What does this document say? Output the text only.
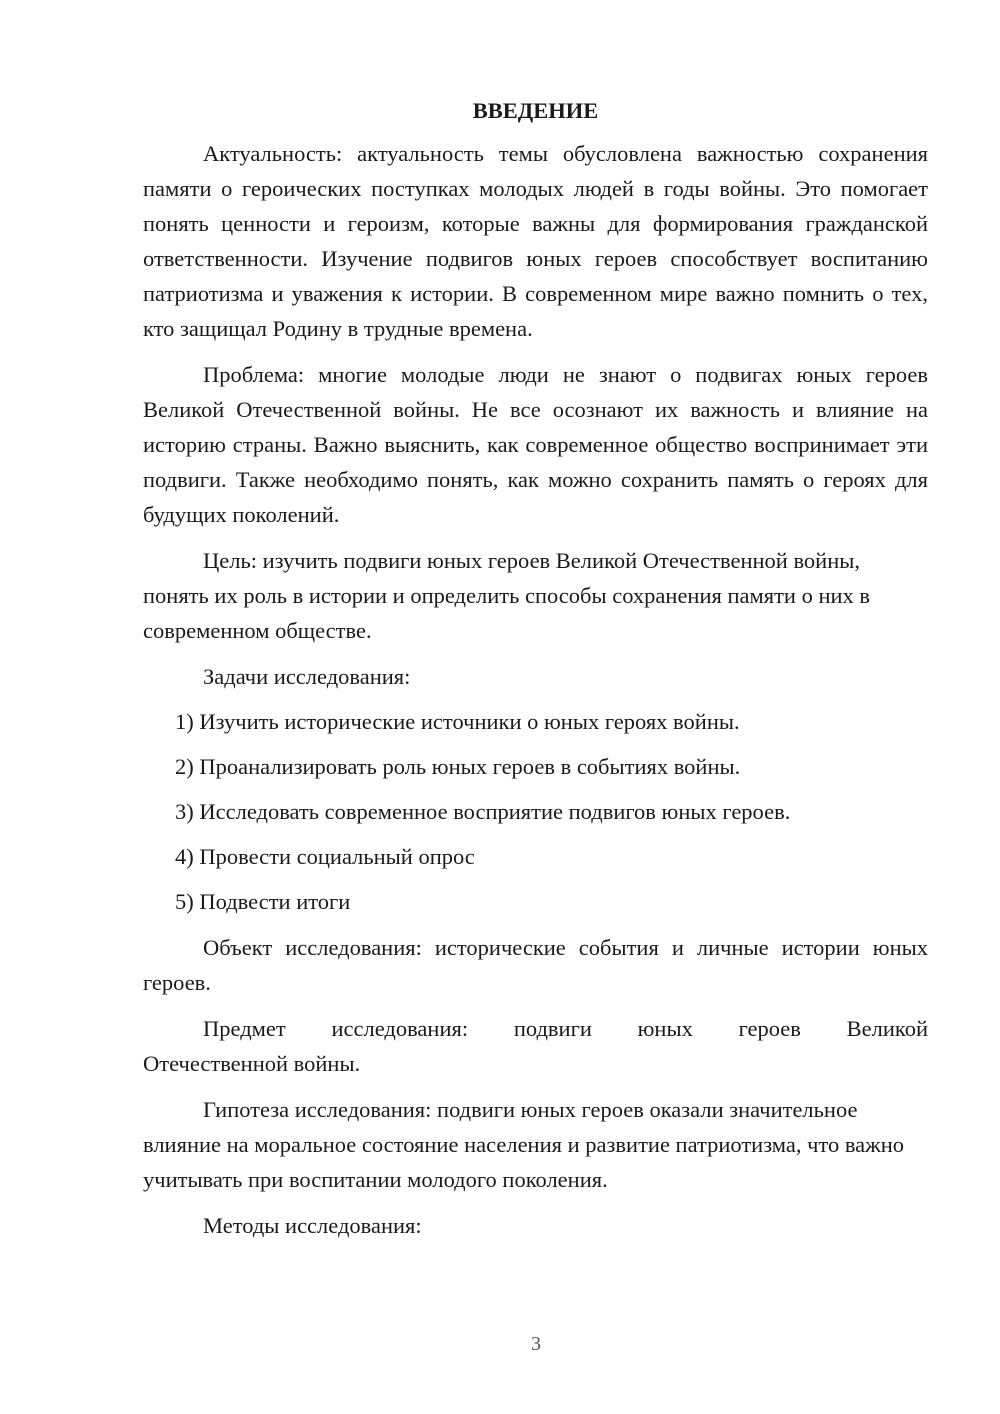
ВВЕДЕНИЕ

Актуальность: актуальность темы обусловлена важностью сохранения памяти о героических поступках молодых людей в годы войны. Это помогает понять ценности и героизм, которые важны для формирования гражданской ответственности. Изучение подвигов юных героев способствует воспитанию патриотизма и уважения к истории. В современном мире важно помнить о тех, кто защищал Родину в трудные времена.

Проблема: многие молодые люди не знают о подвигах юных героев Великой Отечественной войны. Не все осознают их важность и влияние на историю страны. Важно выяснить, как современное общество воспринимает эти подвиги. Также необходимо понять, как можно сохранить память о героях для будущих поколений.

Цель: изучить подвиги юных героев Великой Отечественной войны, понять их роль в истории и определить способы сохранения памяти о них в современном обществе.

Задачи исследования:

1) Изучить исторические источники о юных героях войны.
2) Проанализировать роль юных героев в событиях войны.
3) Исследовать современное восприятие подвигов юных героев.
4) Провести социальный опрос
5) Подвести итоги

Объект исследования: исторические события и личные истории юных героев.

Предмет исследования: подвиги юных героев Великой
Отечественной войны.

Гипотеза исследования: подвиги юных героев оказали значительное влияние на моральное состояние населения и развитие патриотизма, что важно учитывать при воспитании молодого поколения.

Методы исследования:

3
